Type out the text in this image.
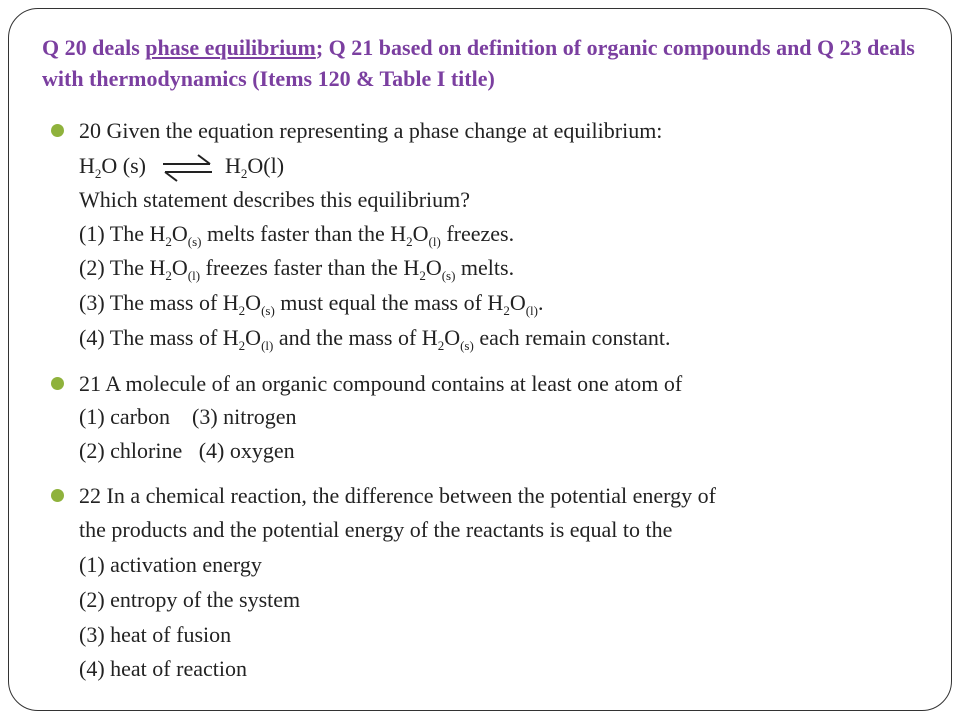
Q 20 deals phase equilibrium; Q 21 based on definition of organic compounds and Q 23 deals with thermodynamics (Items 120 & Table I title)
20 Given the equation representing a phase change at equilibrium:
$H_2O$ (s) ⇌ $H_2O(l)$
Which statement describes this equilibrium?
(1) The $H_2O_{(s)}$ melts faster than the $H_2O_{(l)}$ freezes.
(2) The $H_2O_{(l)}$ freezes faster than the $H_2O_{(s)}$ melts.
(3) The mass of $H_2O_{(s)}$ must equal the mass of $H_2O_{(l)}$.
(4) The mass of $H_2O_{(l)}$ and the mass of $H_2O_{(s)}$ each remain constant.
21 A molecule of an organic compound contains at least one atom of
(1) carbon    (3) nitrogen
(2) chlorine   (4) oxygen
22 In a chemical reaction, the difference between the potential energy of
the products and the potential energy of the reactants is equal to the
(1) activation energy
(2) entropy of the system
(3) heat of fusion
(4) heat of reaction
